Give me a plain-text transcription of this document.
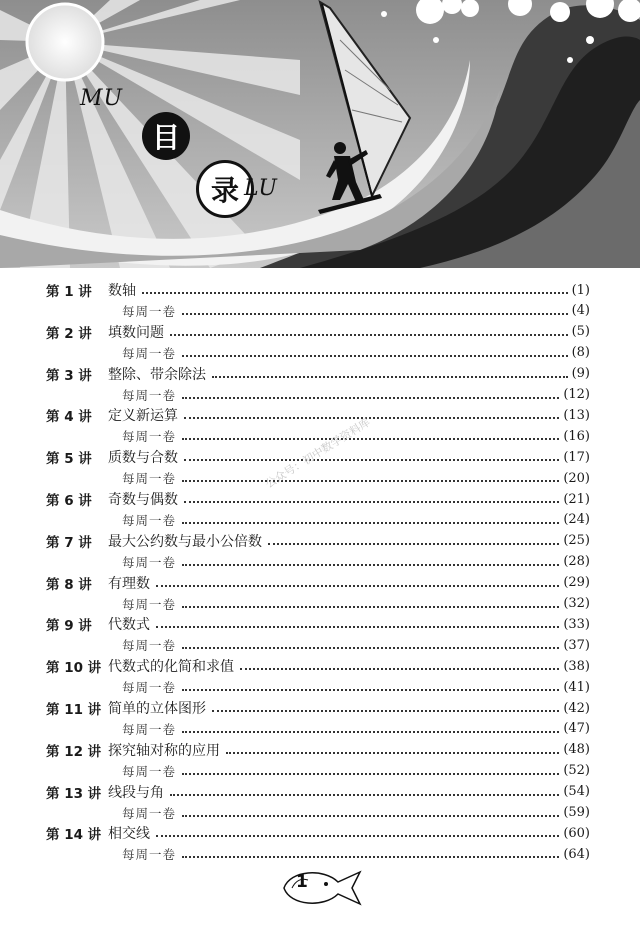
ⅯU
目
录 LU
第 1 讲 数轴	(1)
每周一卷	(4)
第 2 讲 填数问题	(5)
每周一卷	(8)
第 3 讲 整除、带余除法	(9)
每周一卷	(12)
第 4 讲 定义新运算	(13)
每周一卷	(16)
第 5 讲 质数与合数	(17)
每周一卷	(20)
第 6 讲 奇数与偶数	(21)
每周一卷	(24)
第 7 讲 最大公约数与最小公倍数	(25)
每周一卷	(28)
第 8 讲 有理数	(29)
每周一卷	(32)
第 9 讲 代数式	(33)
每周一卷	(37)
第 10 讲 代数式的化简和求值	(38)
每周一卷	(41)
第 11 讲 简单的立体图形	(42)
每周一卷	(47)
第 12 讲 探究轴对称的应用	(48)
每周一卷	(52)
第 13 讲 线段与角	(54)
每周一卷	(59)
第 14 讲 相交线	(60)
每周一卷	(64)
公众号：初中数学资料库
1
